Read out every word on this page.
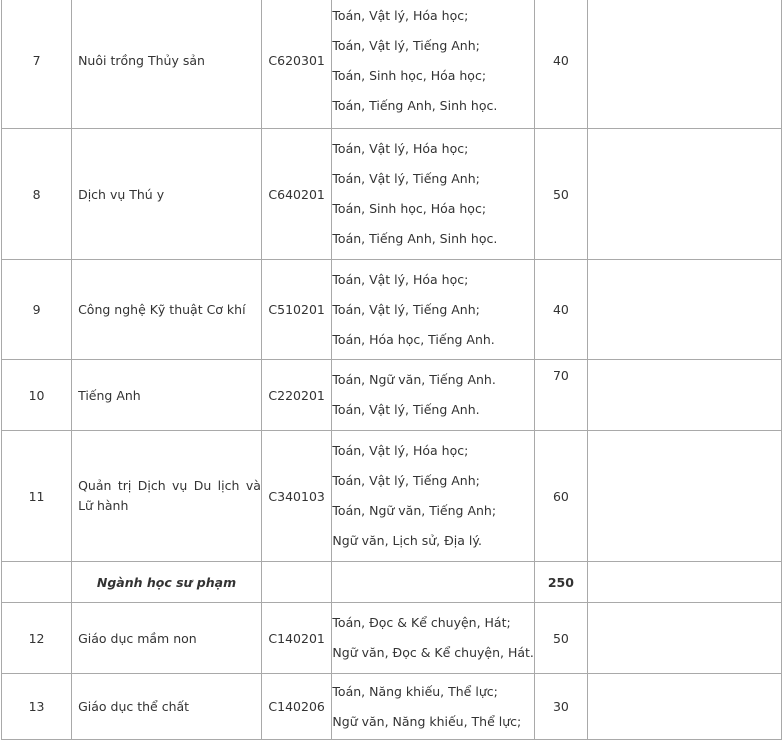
7	Nuôi trồng Thủy sản	C620301	Toán, Vật lý, Hóa học;
Toán, Vật lý, Tiếng Anh;
Toán, Sinh học, Hóa học;
Toán, Tiếng Anh, Sinh học.	40	
8	Dịch vụ Thú y	C640201	Toán, Vật lý, Hóa học;
Toán, Vật lý, Tiếng Anh;
Toán, Sinh học, Hóa học;
Toán, Tiếng Anh, Sinh học.	50	
9	Công nghệ Kỹ thuật Cơ khí	C510201	Toán, Vật lý, Hóa học;
Toán, Vật lý, Tiếng Anh;
Toán, Hóa học, Tiếng Anh.	40	
10	Tiếng Anh	C220201	Toán, Ngữ văn, Tiếng Anh.
Toán, Vật lý, Tiếng Anh.	70	
11	Quản trị Dịch vụ Du lịch và Lữ hành	C340103	Toán, Vật lý, Hóa học;
Toán, Vật lý, Tiếng Anh;
Toán, Ngữ văn, Tiếng Anh;
Ngữ văn, Lịch sử, Địa lý.	60	
	Ngành học sư phạm			250	
12	Giáo dục mầm non	C140201	Toán, Đọc & Kể chuyện, Hát;
Ngữ văn, Đọc & Kể chuyện, Hát.	50	
13	Giáo dục thể chất	C140206	Toán, Năng khiếu, Thể lực;
Ngữ văn, Năng khiếu, Thể lực;	30	
